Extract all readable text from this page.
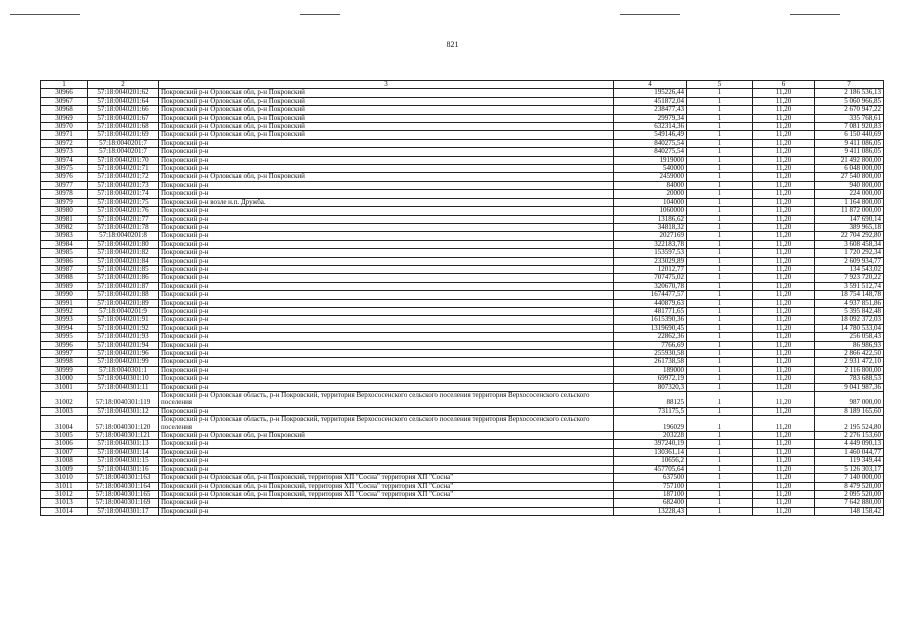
821
1	2	3	4	5	6	7
30966	57:18:0040201:62	Покровский р-н Орловская обл, р-н Покровский	195226,44	1	11,20	2 186 536,13
30967	57:18:0040201:64	Покровский р-н Орловская обл, р-н Покровский	451872,04	1	11,20	5 060 966,85
30968	57:18:0040201:66	Покровский р-н Орловская обл, р-н Покровский	238477,43	1	11,20	2 670 947,22
30969	57:18:0040201:67	Покровский р-н Орловская обл, р-н Покровский	29979,34	1	11,20	335 768,61
30970	57:18:0040201:68	Покровский р-н Орловская обл, р-н Покровский	632314,36	1	11,20	7 081 920,83
30971	57:18:0040201:69	Покровский р-н Орловская обл, р-н Покровский	549146,49	1	11,20	6 150 440,69
30972	57:18:0040201:7	Покровский р-н	840275,54	1	11,20	9 411 086,05
30973	57:18:0040201:7	Покровский р-н	840275,54	1	11,20	9 411 086,05
30974	57:18:0040201:70	Покровский р-н	1919000	1	11,20	21 492 800,00
30975	57:18:0040201:71	Покровский р-н	540000	1	11,20	6 048 000,00
30976	57:18:0040201:72	Покровский р-н Орловская обл, р-н Покровский	2459000	1	11,20	27 540 800,00
30977	57:18:0040201:73	Покровский р-н	84000	1	11,20	940 800,00
30978	57:18:0040201:74	Покровский р-н	20000	1	11,20	224 000,00
30979	57:18:0040201:75	Покровский р-н возле н.п. Дружба.	104000	1	11,20	1 164 800,00
30980	57:18:0040201:76	Покровский р-н	1060000	1	11,20	11 872 000,00
30981	57:18:0040201:77	Покровский р-н	13186,62	1	11,20	147 690,14
30982	57:18:0040201:78	Покровский р-н	34818,32	1	11,20	389 965,18
30983	57:18:0040201:8	Покровский р-н	2027169	1	11,20	22 704 292,80
30984	57:18:0040201:80	Покровский р-н	322183,78	1	11,20	3 608 458,34
30985	57:18:0040201:82	Покровский р-н	153597,53	1	11,20	1 720 292,34
30986	57:18:0040201:84	Покровский р-н	233029,89	1	11,20	2 609 934,77
30987	57:18:0040201:85	Покровский р-н	12012,77	1	11,20	134 543,02
30988	57:18:0040201:86	Покровский р-н	707475,02	1	11,20	7 923 720,22
30989	57:18:0040201:87	Покровский р-н	320670,78	1	11,20	3 591 512,74
30990	57:18:0040201:88	Покровский р-н	1674477,57	1	11,20	18 754 148,78
30991	57:18:0040201:89	Покровский р-н	440879,63	1	11,20	4 937 851,86
30992	57:18:0040201:9	Покровский р-н	481771,65	1	11,20	5 395 842,48
30993	57:18:0040201:91	Покровский р-н	1615390,36	1	11,20	18 092 372,03
30994	57:18:0040201:92	Покровский р-н	1319690,45	1	11,20	14 780 533,04
30995	57:18:0040201:93	Покровский р-н	22862,36	1	11,20	256 058,43
30996	57:18:0040201:94	Покровский р-н	7766,69	1	11,20	86 986,93
30997	57:18:0040201:96	Покровский р-н	255930,58	1	11,20	2 866 422,50
30998	57:18:0040201:99	Покровский р-н	261738,58	1	11,20	2 931 472,10
30999	57:18:0040301:1	Покровский р-н	189000	1	11,20	2 116 800,00
31000	57:18:0040301:10	Покровский р-н	69972,19	1	11,20	783 688,53
31001	57:18:0040301:11	Покровский р-н	807320,3	1	11,20	9 041 987,36
31002	57:18:0040301:119	Покровский р-н Орловская область, р-н Покровский, территория Верхососенского сельского поселения территория Верхососенского сельского поселения	88125	1	11,20	987 000,00
31003	57:18:0040301:12	Покровский р-н	731175,5	1	11,20	8 189 165,60
31004	57:18:0040301:120	Покровский р-н Орловская область, р-н Покровский, территория Верхососенского сельского поселения территория Верхососенского сельского поселения	196029	1	11,20	2 195 524,80
31005	57:18:0040301:121	Покровский р-н Орловская обл, р-н Покровский	203228	1	11,20	2 276 153,60
31006	57:18:0040301:13	Покровский р-н	397240,19	1	11,20	4 449 090,13
31007	57:18:0040301:14	Покровский р-н	130361,14	1	11,20	1 460 044,77
31008	57:18:0040301:15	Покровский р-н	10656,2	1	11,20	119 349,44
31009	57:18:0040301:16	Покровский р-н	457705,64	1	11,20	5 126 303,17
31010	57:18:0040301:163	Покровский р-н Орловская обл, р-н Покровский, территория ХП "Сосна" территория ХП "Сосна"	637500	1	11,20	7 140 000,00
31011	57:18:0040301:164	Покровский р-н Орловская обл, р-н Покровский, территория ХП "Сосна" территория ХП "Сосна"	757100	1	11,20	8 479 520,00
31012	57:18:0040301:165	Покровский р-н Орловская обл, р-н Покровский, территория ХП "Сосна" территория ХП "Сосна"	187100	1	11,20	2 095 520,00
31013	57:18:0040301:169	Покровский р-н	682400	1	11,20	7 642 880,00
31014	57:18:0040301:17	Покровский р-н	13228,43	1	11,20	148 158,42
